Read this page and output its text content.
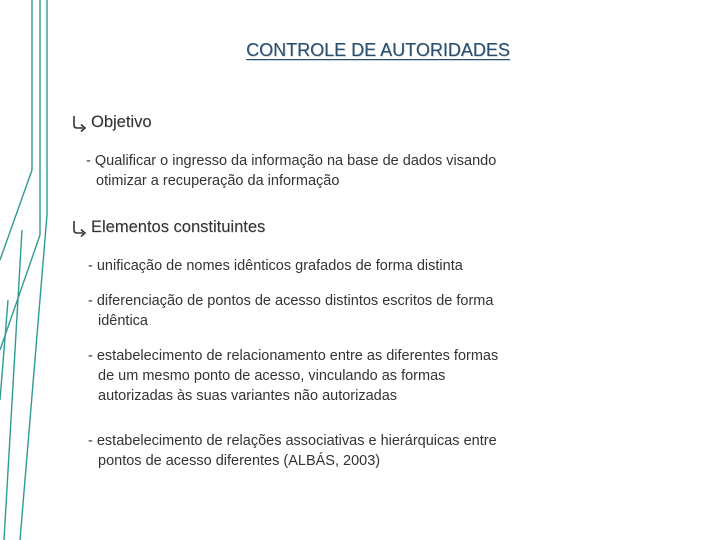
CONTROLE DE AUTORIDADES
Objetivo
- Qualificar o ingresso da informação na base de dados visando
otimizar a recuperação da informação
Elementos constituintes
- unificação de nomes idênticos grafados de forma distinta
- diferenciação de pontos de acesso distintos escritos de forma
idêntica
- estabelecimento de relacionamento entre as diferentes formas
de um mesmo ponto de acesso, vinculando as formas
autorizadas às suas variantes não autorizadas
- estabelecimento de relações associativas e hierárquicas entre
pontos de acesso diferentes (ALBÁS, 2003)
